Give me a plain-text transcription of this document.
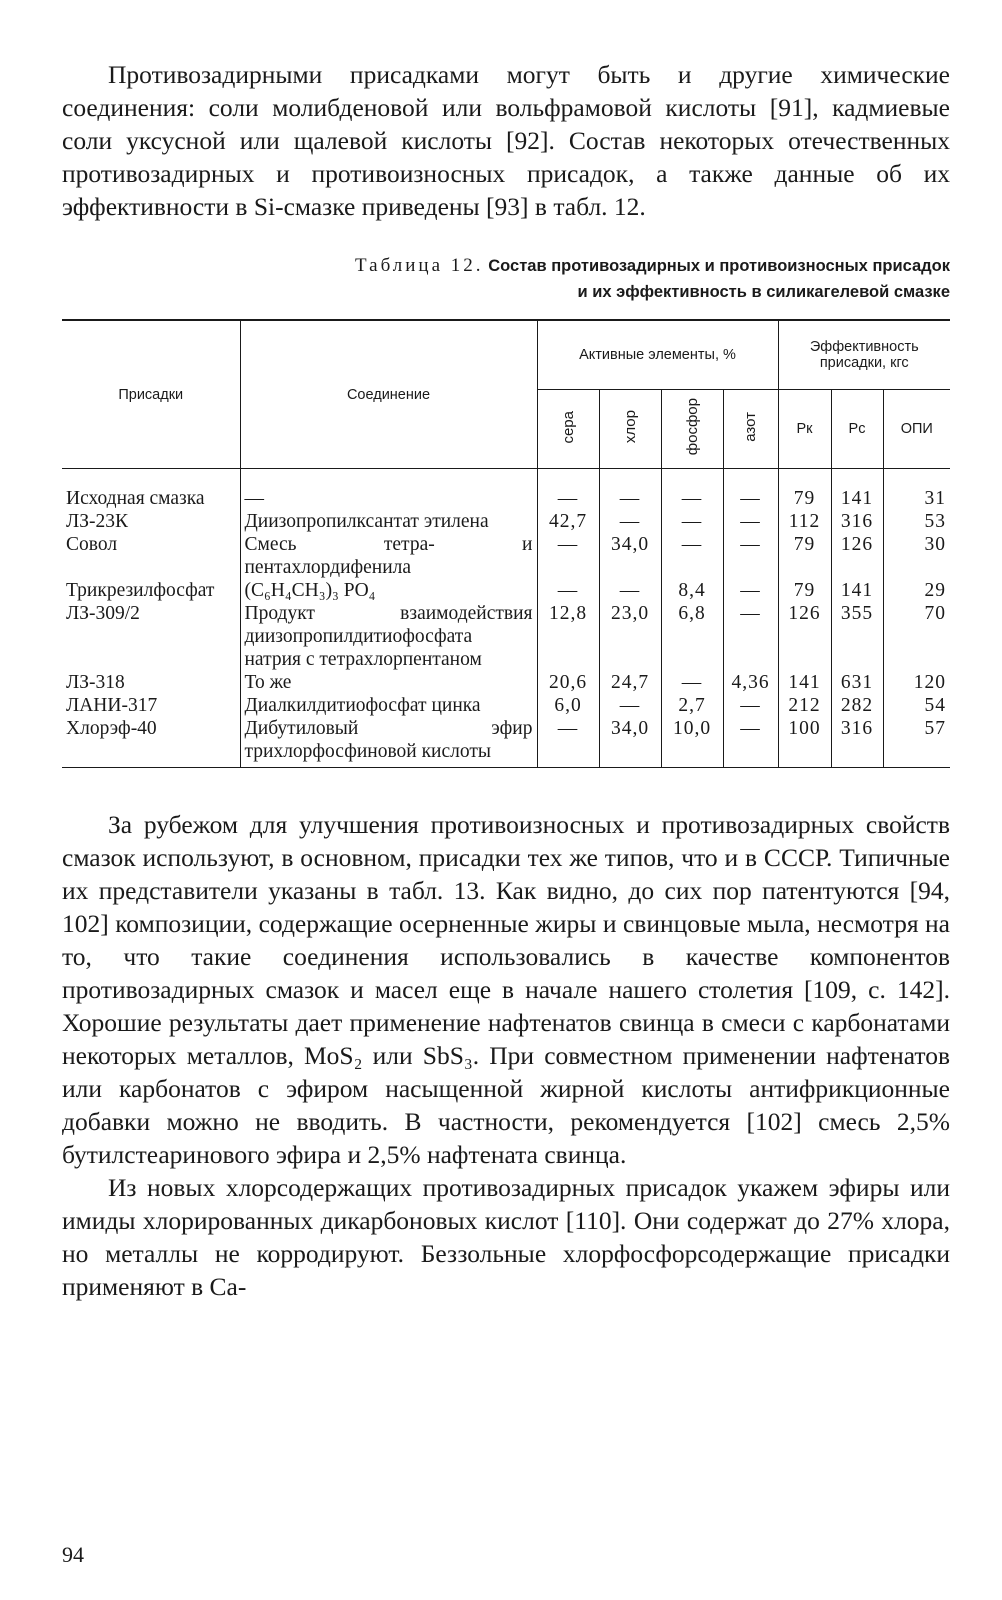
Противозадирными присадками могут быть и другие химические соединения: соли молибденовой или вольфрамовой кислоты [91], кадмиевые соли уксусной или щалевой кислоты [92]. Состав некоторых отечественных противозадирных и противоизносных присадок, а также данные об их эффективности в Si-смазке приведены [93] в табл. 12.

Таблица 12. Состав противозадирных и противоизносных присадок
и их эффективность в силикагелевой смазке
Присадки	Соединение	Активные элементы, %				Эффективность присадки, кгс		
		сера	хлор	фосфор	азот	Pк	Pс	ОПИ
Исходная смазка	—	—	—	—	—	79	141	31
ЛЗ-23К	Диизопропилксантат этилена	42,7	—	—	—	112	316	53
Совол	Смесь тетра- и пентахлордифенила	—	34,0	—	—	79	126	30
Трикрезилфосфат	(C₆H₄CH₃)₃ PO₄	—	—	8,4	—	79	141	29
ЛЗ-309/2	Продукт взаимодействия диизопропилдитиофосфата натрия с тетрахлорпентаном	12,8	23,0	6,8	—	126	355	70
ЛЗ-318	То же	20,6	24,7	—	4,36	141	631	120
ЛАНИ-317	Диалкилдитиофосфат цинка	6,0	—	2,7	—	212	282	54
Хлорэф-40	Дибутиловый эфир трихлорфосфиновой кислоты	—	34,0	10,0	—	100	316	57

За рубежом для улучшения противоизносных и противозадирных свойств смазок используют, в основном, присадки тех же типов, что и в СССР. Типичные их представители указаны в табл. 13. Как видно, до сих пор патентуются [94, 102] композиции, содержащие осерненные жиры и свинцовые мыла, несмотря на то, что такие соединения использовались в качестве компонентов противозадирных смазок и масел еще в начале нашего столетия [109, с. 142]. Хорошие результаты дает применение нафтенатов свинца в смеси с карбонатами некоторых металлов, MoS₂ или SbS₃. При совместном применении нафтенатов или карбонатов с эфиром насыщенной жирной кислоты антифрикционные добавки можно не вводить. В частности, рекомендуется [102] смесь 2,5% бутилстеаринового эфира и 2,5% нафтената свинца.

Из новых хлорсодержащих противозадирных присадок укажем эфиры или имиды хлорированных дикарбоновых кислот [110]. Они содержат до 27% хлора, но металлы не корродируют. Беззольные хлорфосфорсодержащие присадки применяют в Са-

94
